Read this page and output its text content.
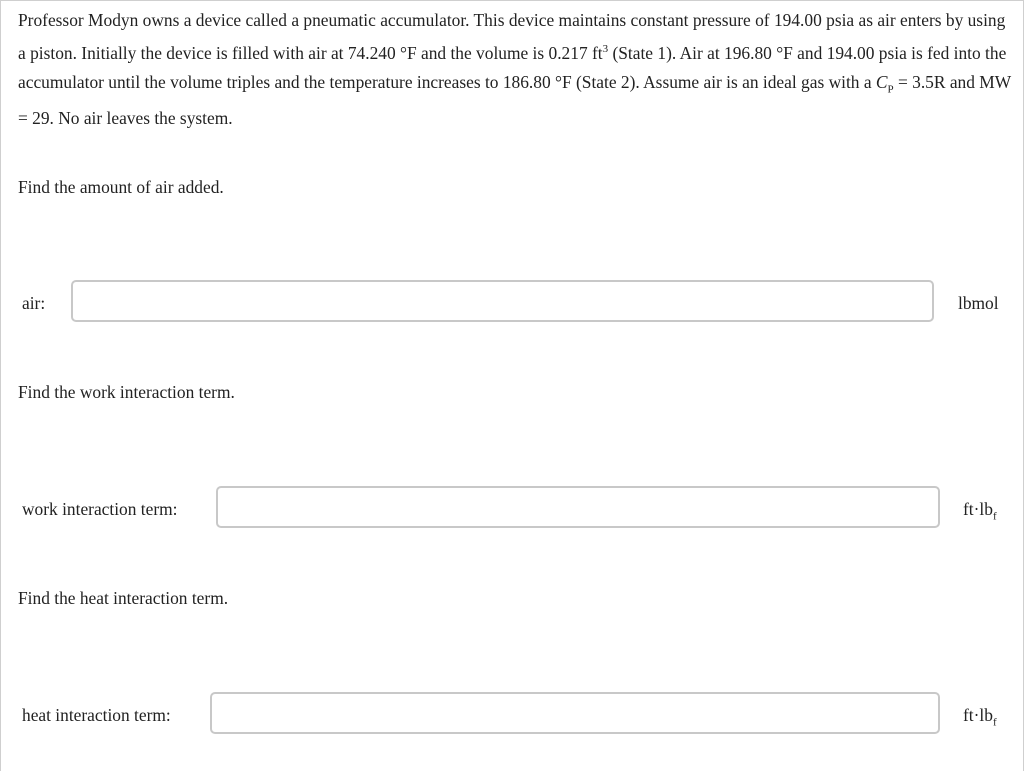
Professor Modyn owns a device called a pneumatic accumulator. This device maintains constant pressure of 194.00 psia as air enters by using a piston. Initially the device is filled with air at 74.240 °F and the volume is 0.217 $ft^3$ (State 1). Air at 196.80 °F and 194.00 psia is fed into the accumulator until the volume triples and the temperature increases to 186.80 °F (State 2). Assume air is an ideal gas with a $C_P = 3.5R$ and MW = 29. No air leaves the system.

Find the amount of air added.

air:	lbmol

Find the work interaction term.

work interaction term:	$ft\cdot lb_f$

Find the heat interaction term.

heat interaction term:	$ft\cdot lb_f$
